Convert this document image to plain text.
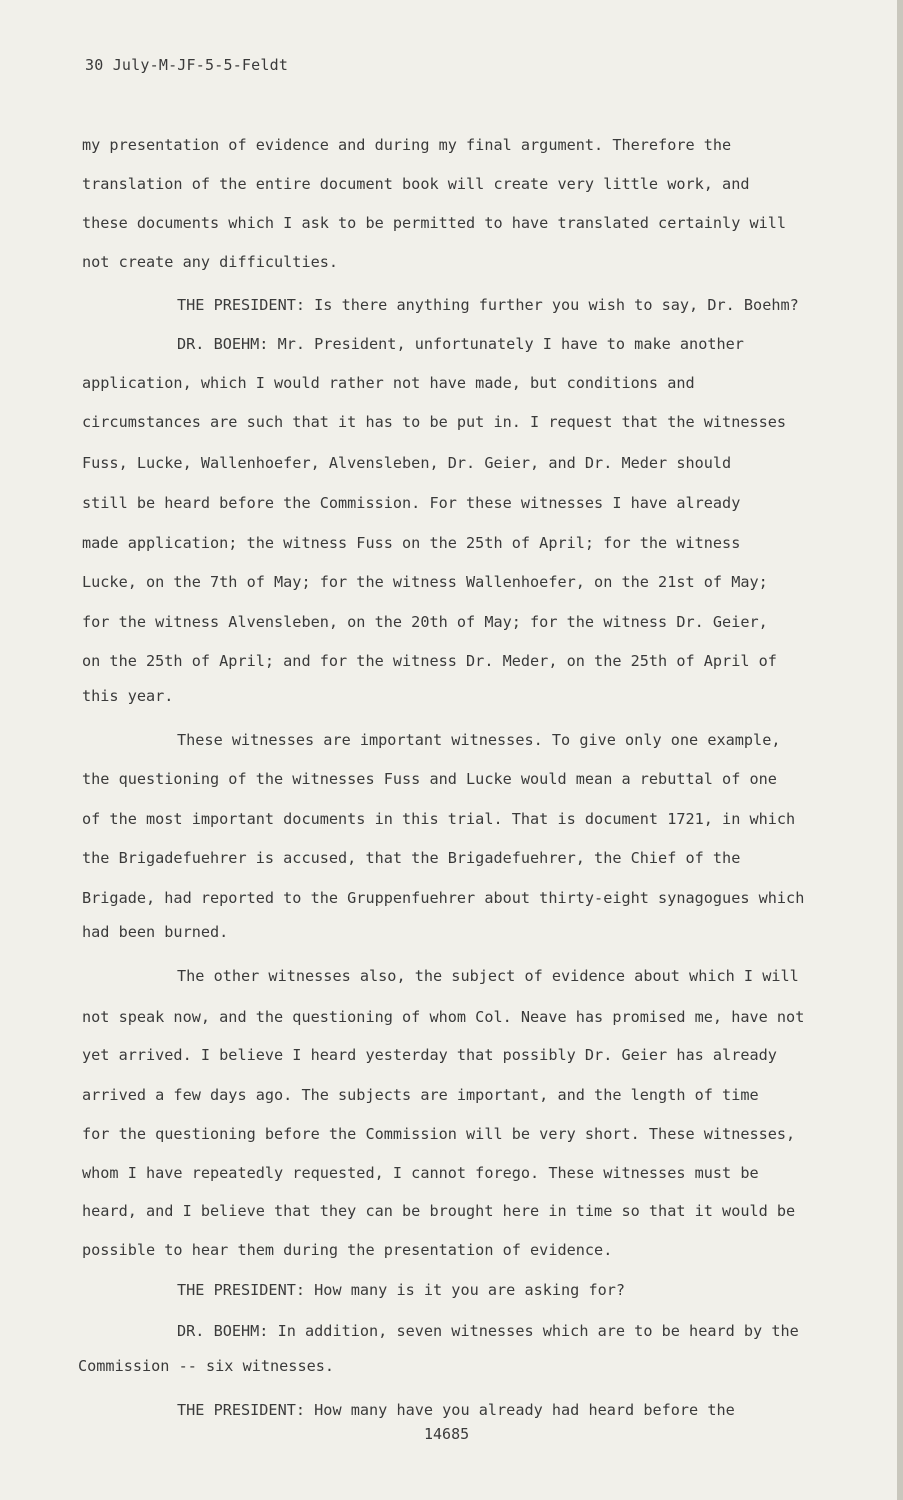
30 July-M-JF-5-5-Feldt
my presentation of evidence and during my final argument. Therefore the
translation of the entire document book will create very little work, and
these documents which I ask to be permitted to have translated certainly will
not create any difficulties.
THE PRESIDENT: Is there anything further you wish to say, Dr. Boehm?
DR. BOEHM: Mr. President, unfortunately I have to make another
application, which I would rather not have made, but conditions and
circumstances are such that it has to be put in. I request that the witnesses
Fuss, Lucke, Wallenhoefer, Alvensleben, Dr. Geier, and Dr. Meder should
still be heard before the Commission. For these witnesses I have already
made application; the witness Fuss on the 25th of April; for the witness
Lucke, on the 7th of May; for the witness Wallenhoefer, on the 21st of May;
for the witness Alvensleben, on the 20th of May; for the witness Dr. Geier,
on the 25th of April; and for the witness Dr. Meder, on the 25th of April of
this year.
These witnesses are important witnesses. To give only one example,
the questioning of the witnesses Fuss and Lucke would mean a rebuttal of one
of the most important documents in this trial. That is document 1721, in which
the Brigadefuehrer is accused, that the Brigadefuehrer, the Chief of the
Brigade, had reported to the Gruppenfuehrer about thirty-eight synagogues which
had been burned.
The other witnesses also, the subject of evidence about which I will
not speak now, and the questioning of whom Col. Neave has promised me, have not
yet arrived. I believe I heard yesterday that possibly Dr. Geier has already
arrived a few days ago. The subjects are important, and the length of time
for the questioning before the Commission will be very short. These witnesses,
whom I have repeatedly requested, I cannot forego. These witnesses must be
heard, and I believe that they can be brought here in time so that it would be
possible to hear them during the presentation of evidence.
THE PRESIDENT: How many is it you are asking for?
DR. BOEHM: In addition, seven witnesses which are to be heard by the
Commission -- six witnesses.
THE PRESIDENT: How many have you already had heard before the
14685
